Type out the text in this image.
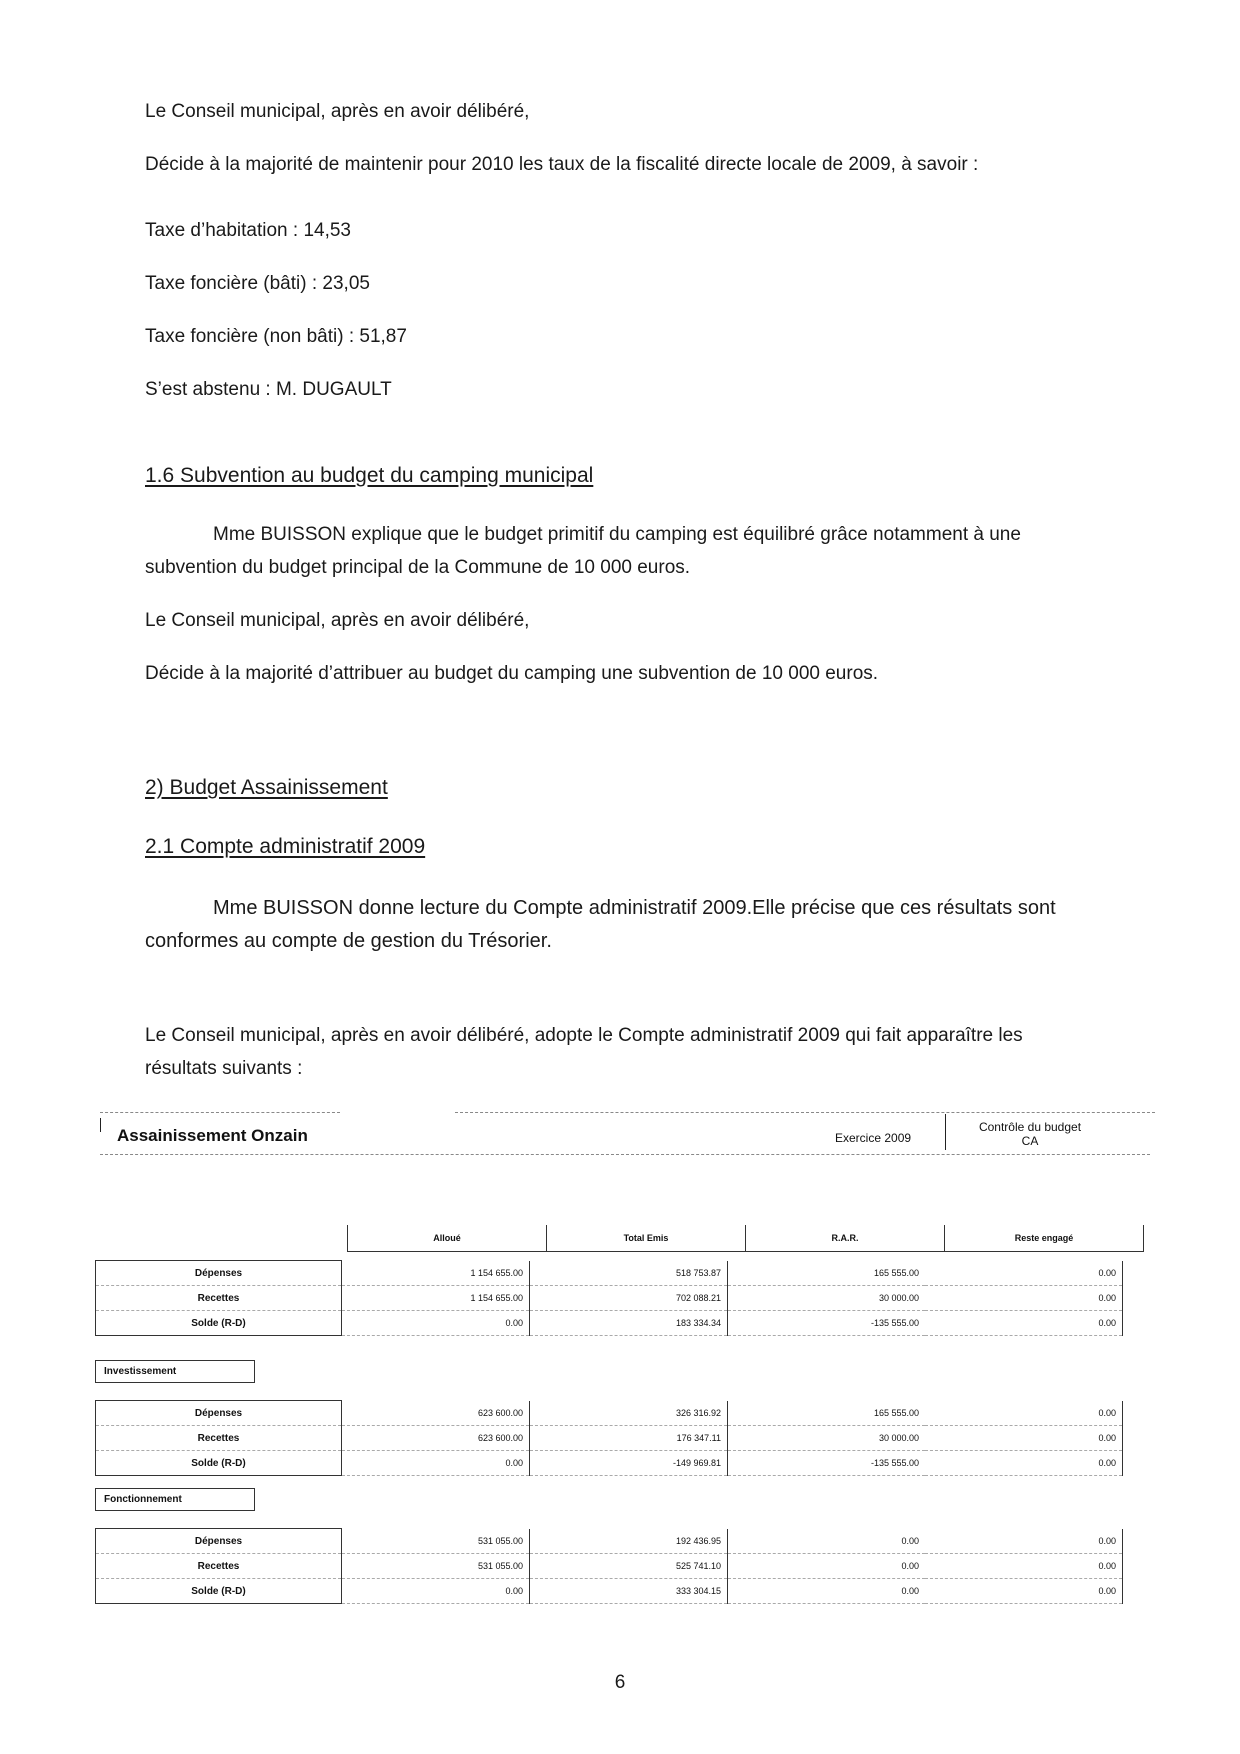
Le Conseil municipal, après en avoir délibéré,

Décide à la majorité de maintenir pour 2010 les taux de la fiscalité directe locale de 2009, à savoir :

Taxe d’habitation : 14,53

Taxe foncière (bâti) : 23,05

Taxe foncière (non bâti) : 51,87

S’est abstenu : M. DUGAULT

1.6 Subvention au budget du camping municipal

Mme BUISSON explique que le budget primitif du camping est équilibré grâce notamment à une subvention du budget principal de la Commune de 10 000 euros.

Le Conseil municipal, après en avoir délibéré,

Décide à la majorité d’attribuer au budget du camping une subvention de 10 000 euros.

2) Budget Assainissement

2.1 Compte administratif 2009

Mme BUISSON donne lecture du Compte administratif 2009.Elle précise que ces résultats sont conformes au compte de gestion du Trésorier.

Le Conseil municipal, après en avoir délibéré, adopte le Compte administratif 2009 qui fait apparaître les résultats suivants :

Assainissement Onzain	Exercice 2009
Contrôle du budget
CA
Alloué	Total Emis	R.A.R.	Reste engagé
Dépenses	1 154 655.00	518 753.87	165 555.00	0.00
Recettes	1 154 655.00	702 088.21	30 000.00	0.00
Solde (R-D)	0.00	183 334.34	-135 555.00	0.00
Investissement
Dépenses	623 600.00	326 316.92	165 555.00	0.00
Recettes	623 600.00	176 347.11	30 000.00	0.00
Solde (R-D)	0.00	-149 969.81	-135 555.00	0.00
Fonctionnement
Dépenses	531 055.00	192 436.95	0.00	0.00
Recettes	531 055.00	525 741.10	0.00	0.00
Solde (R-D)	0.00	333 304.15	0.00	0.00
6
